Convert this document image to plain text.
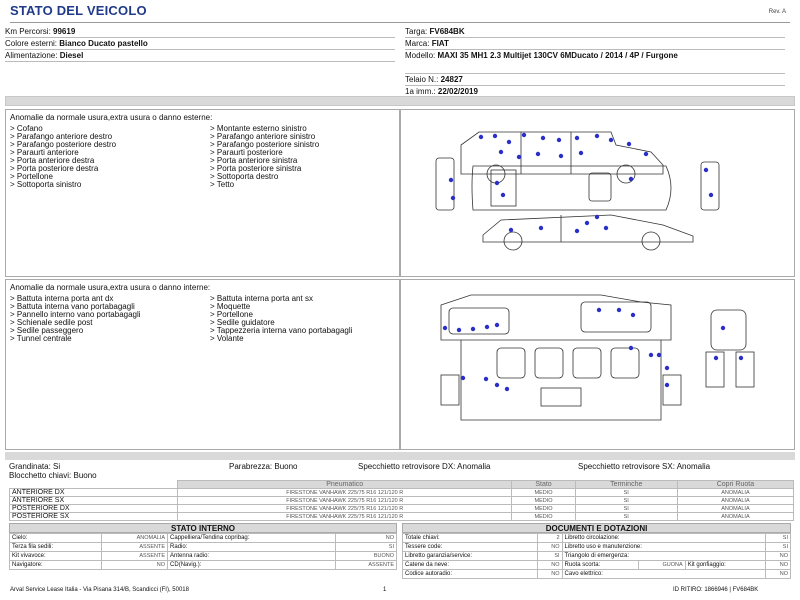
STATO DEL VEICOLO	Rev. A
Km Percorsi: 99619
Colore esterni: Bianco Ducato pastello
Alimentazione: Diesel
Targa: FV684BK
Marca: FIAT
Modello: MAXI 35 MH1 2.3 Multijet 130CV 6MDucato / 2014 / 4P / Furgone
Telaio N.: 24827
1a imm.: 22/02/2019
Anomalie da normale usura,extra usura o danno esterne:
> Cofano
> Parafango anteriore destro
> Parafango posteriore destro
> Paraurti anteriore
> Porta anteriore destra
> Porta posteriore destra
> Portellone
> Sottoporta sinistro
> Montante esterno sinistro
> Parafango anteriore sinistro
> Parafango posteriore sinistro
> Paraurti posteriore
> Porta anteriore sinistra
> Porta posteriore sinistra
> Sottoporta destro
> Tetto
Anomalie da normale usura,extra usura o danno interne:
> Battuta interna porta ant dx
> Battuta interna vano portabagagli
> Pannello interno vano portabagagli
> Schienale sedile post
> Sedile passeggero
> Tunnel centrale
> Battuta interna porta ant sx
> Moquette
> Portellone
> Sedile guidatore
> Tappezzeria interna vano portabagagli
> Volante
Grandinata: Si
Blocchetto chiavi: Buono
Parabrezza: Buono	Specchietto retrovisore DX: Anomalia	Specchietto retrovisore SX: Anomalia
	Pneumatico	Stato	Terminche	Copri Ruota
ANTERIORE DX	FIRESTONE VANHAWK 225/75 R16 121/120 R	MEDIO	SI	ANOMALIA
ANTERIORE SX	FIRESTONE VANHAWK 225/75 R16 121/120 R	MEDIO	SI	ANOMALIA
POSTERIORE DX	FIRESTONE VANHAWK 225/75 R16 121/120 R	MEDIO	SI	ANOMALIA
POSTERIORE SX	FIRESTONE VANHAWK 225/75 R16 121/120 R	MEDIO	SI	ANOMALIA
STATO INTERNO
Cielo:	ANOMALIA	Cappelliera/Tendina copribag:	NO
Terza fila sedili:	ASSENTE	Radio:	SI
Kit vivavoce:	ASSENTE	Antenna radio:	BUONO
Navigatore:	NO	CD(Navig.):	ASSENTE
DOCUMENTI E DOTAZIONI
Totale chiavi:	2	Libretto circolazione:			SI
Tessere code:	NO	Libretto uso e manutenzione:			SI
Libretto garanzia/service:	SI	Triangolo di emergenza:			NO
Catene da neve:	NO	Ruota scorta:	GUONA	Kit gonfiaggio:	NO
Codice autoradio:	NO	Cavo elettrico:			NO
Arval Service Lease Italia - Via Pisana 314/B, Scandicci (FI), 50018	1	ID RITIRO: 1866946 | FV684BK
